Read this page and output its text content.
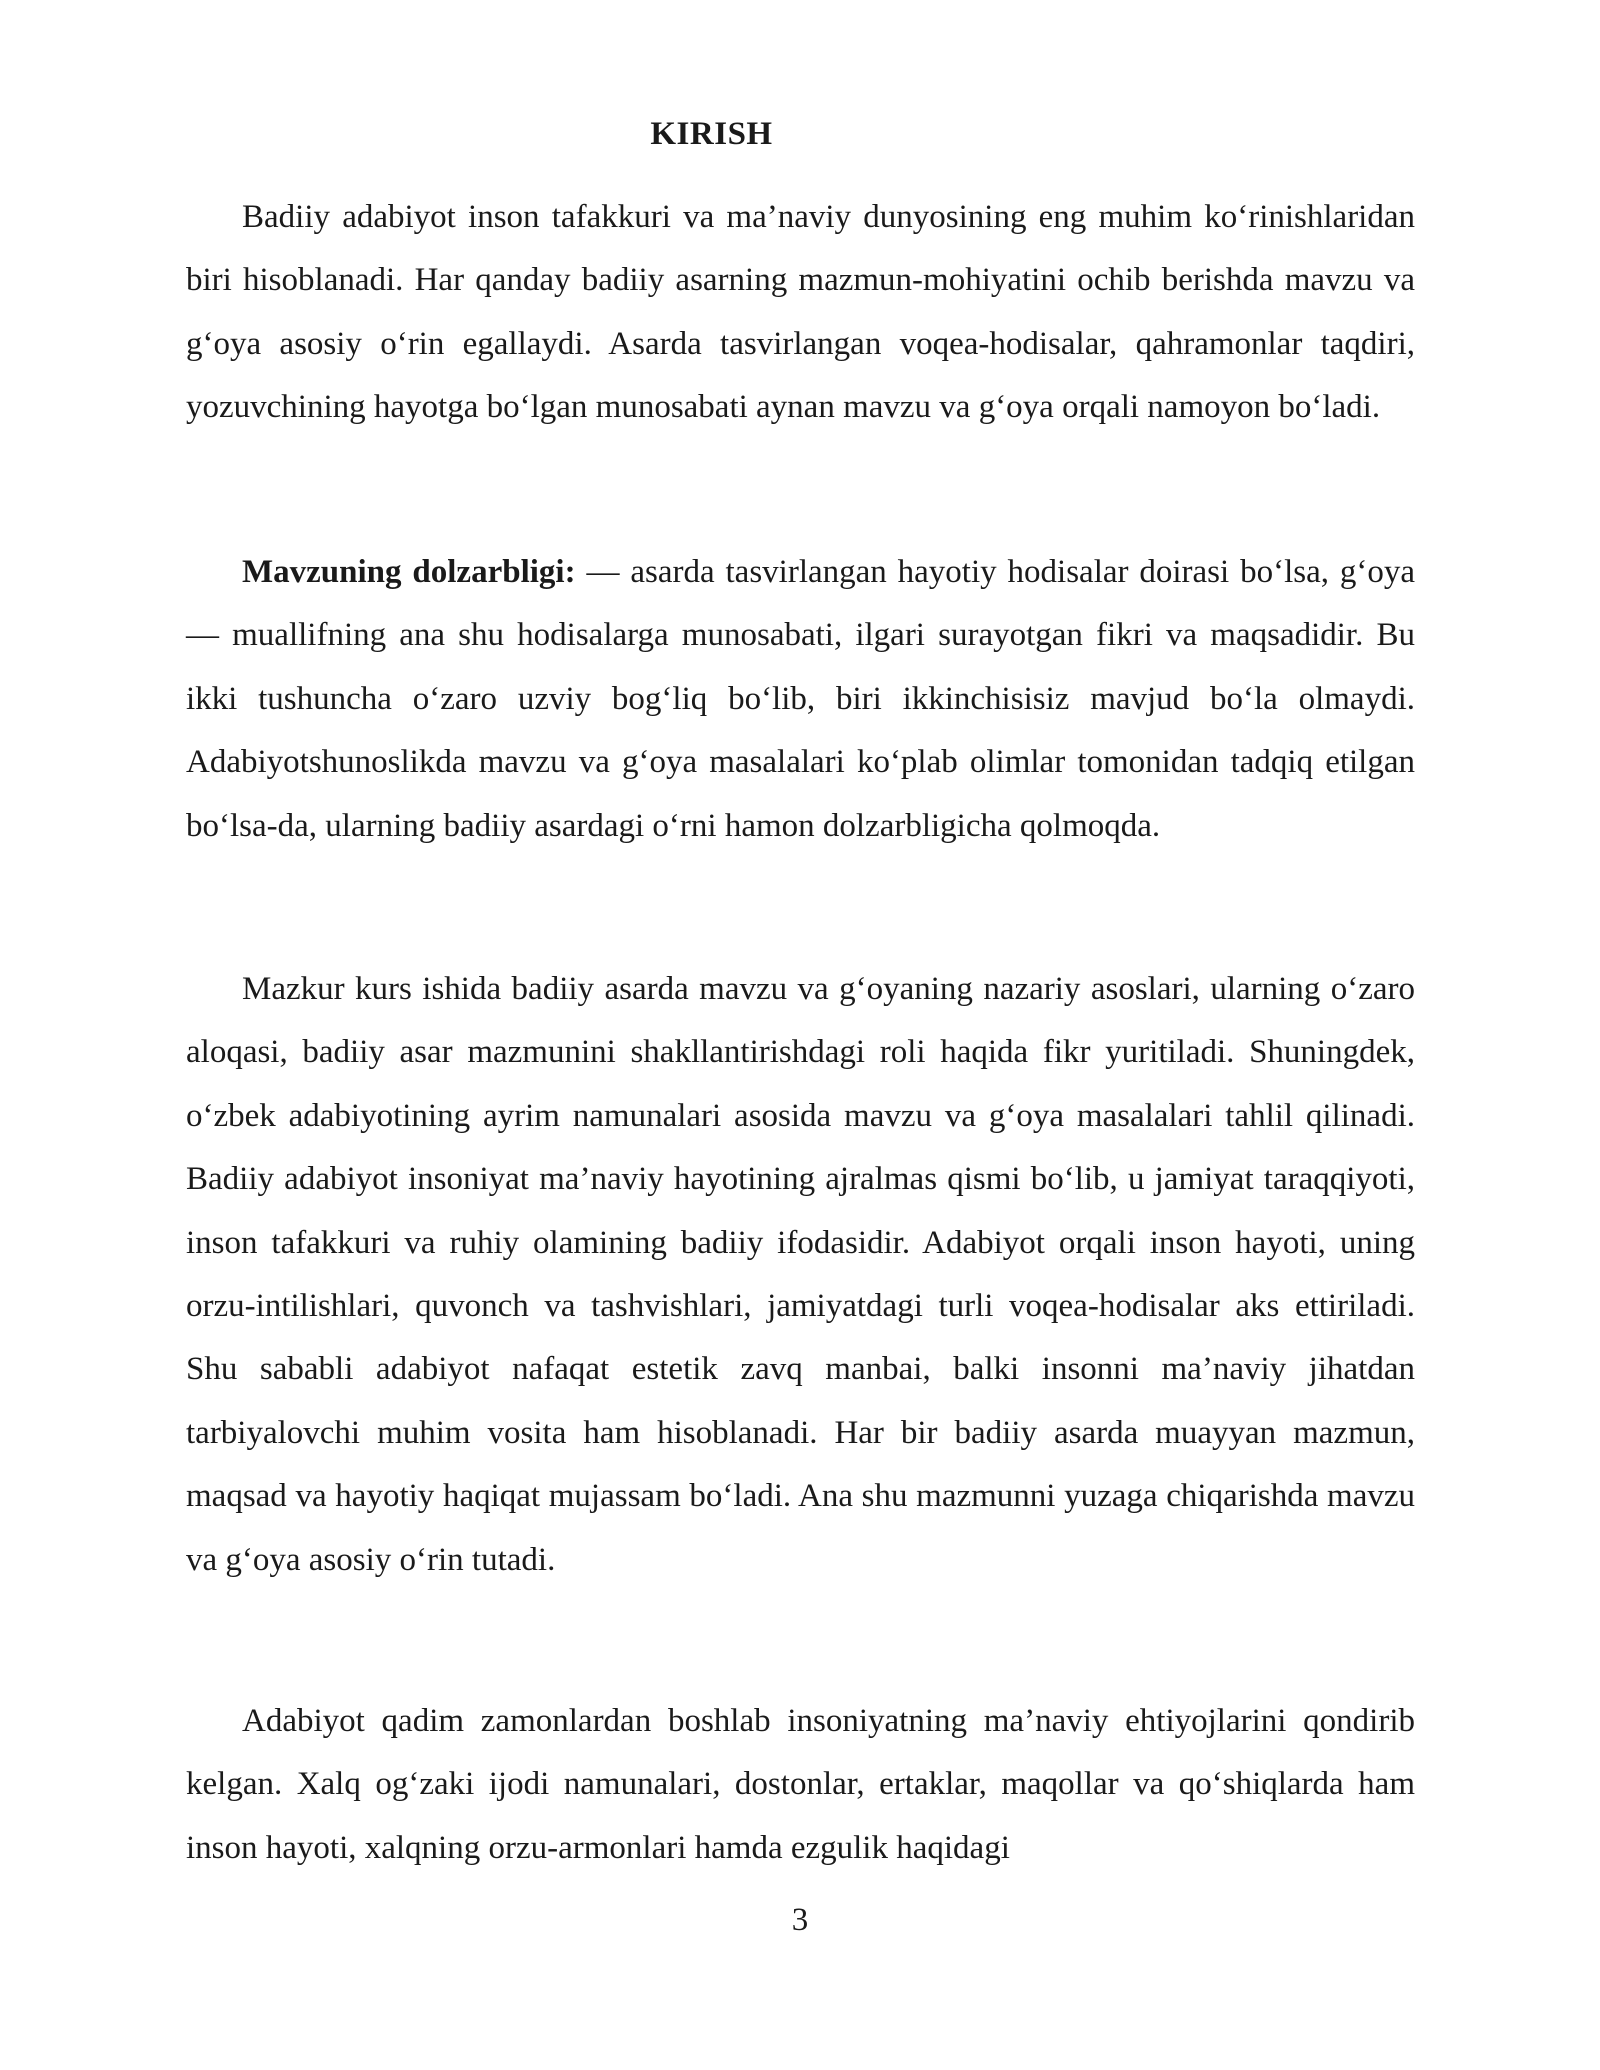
KIRISH

Badiiy adabiyot inson tafakkuri va ma’naviy dunyosining eng muhim ko‘rinishlaridan biri hisoblanadi. Har qanday badiiy asarning mazmun-mohiyatini ochib berishda mavzu va g‘oya asosiy o‘rin egallaydi. Asarda tasvirlangan voqea-hodisalar, qahramonlar taqdiri, yozuvchining hayotga bo‘lgan munosabati aynan mavzu va g‘oya orqali namoyon bo‘ladi.

Mavzuning dolzarbligi: — asarda tasvirlangan hayotiy hodisalar doirasi bo‘lsa, g‘oya — muallifning ana shu hodisalarga munosabati, ilgari surayotgan fikri va maqsadidir. Bu ikki tushuncha o‘zaro uzviy bog‘liq bo‘lib, biri ikkinchisisiz mavjud bo‘la olmaydi. Adabiyotshunoslikda mavzu va g‘oya masalalari ko‘plab olimlar tomonidan tadqiq etilgan bo‘lsa-da, ularning badiiy asardagi o‘rni hamon dolzarbligicha qolmoqda.

Mazkur kurs ishida badiiy asarda mavzu va g‘oyaning nazariy asoslari, ularning o‘zaro aloqasi, badiiy asar mazmunini shakllantirishdagi roli haqida fikr yuritiladi. Shuningdek, o‘zbek adabiyotining ayrim namunalari asosida mavzu va g‘oya masalalari tahlil qilinadi. Badiiy adabiyot insoniyat ma’naviy hayotining ajralmas qismi bo‘lib, u jamiyat taraqqiyoti, inson tafakkuri va ruhiy olamining badiiy ifodasidir. Adabiyot orqali inson hayoti, uning orzu-intilishlari, quvonch va tashvishlari, jamiyatdagi turli voqea-hodisalar aks ettiriladi. Shu sababli adabiyot nafaqat estetik zavq manbai, balki insonni ma’naviy jihatdan tarbiyalovchi muhim vosita ham hisoblanadi. Har bir badiiy asarda muayyan mazmun, maqsad va hayotiy haqiqat mujassam bo‘ladi. Ana shu mazmunni yuzaga chiqarishda mavzu va g‘oya asosiy o‘rin tutadi.

Adabiyot qadim zamonlardan boshlab insoniyatning ma’naviy ehtiyojlarini qondirib kelgan. Xalq og‘zaki ijodi namunalari, dostonlar, ertaklar, maqollar va qo‘shiqlarda ham inson hayoti, xalqning orzu-armonlari hamda ezgulik haqidagi

3
